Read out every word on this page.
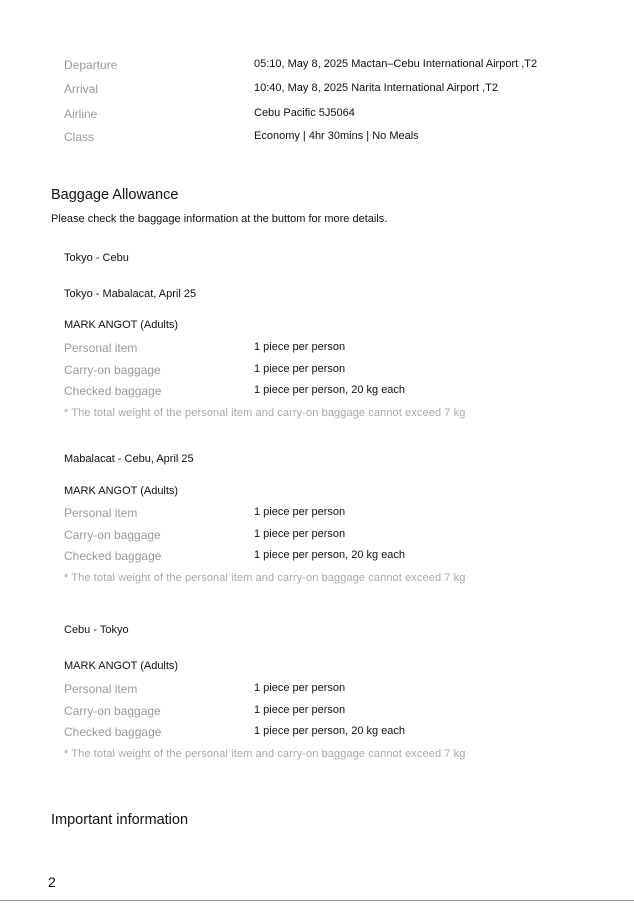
Departure	05:10, May 8, 2025 Mactan–Cebu International Airport ,T2
Arrival	10:40, May 8, 2025 Narita International Airport ,T2
Airline	Cebu Pacific 5J5064
Class	Economy | 4hr 30mins | No Meals
Baggage Allowance
Please check the baggage information at the buttom for more details.
Tokyo - Cebu
Tokyo - Mabalacat, April 25
MARK ANGOT (Adults)
Personal item	1 piece per person
Carry-on baggage	1 piece per person
Checked baggage	1 piece per person, 20 kg each
* The total weight of the personal item and carry-on baggage cannot exceed 7 kg
Mabalacat - Cebu, April 25
MARK ANGOT (Adults)
Personal item	1 piece per person
Carry-on baggage	1 piece per person
Checked baggage	1 piece per person, 20 kg each
* The total weight of the personal item and carry-on baggage cannot exceed 7 kg
Cebu - Tokyo
MARK ANGOT (Adults)
Personal item	1 piece per person
Carry-on baggage	1 piece per person
Checked baggage	1 piece per person, 20 kg each
* The total weight of the personal item and carry-on baggage cannot exceed 7 kg
Important information
2
